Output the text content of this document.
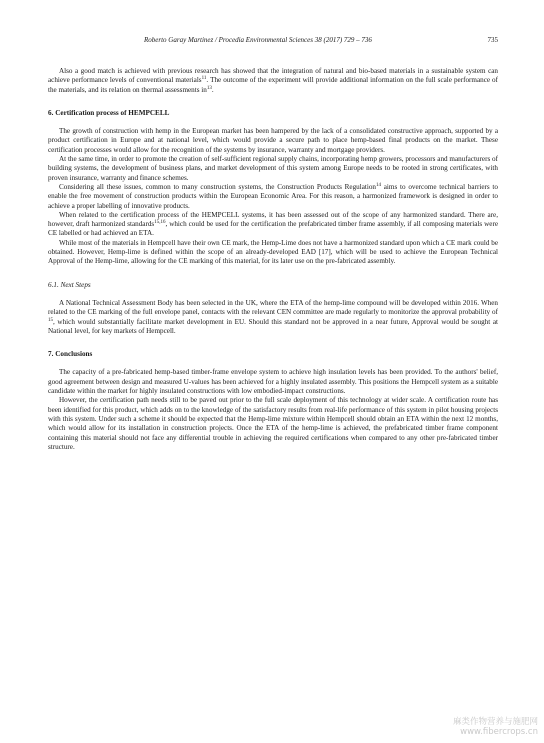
Roberto Garay Martinez / Procedia Environmental Sciences 38 (2017) 729 – 736	735

Also a good match is achieved with previous research has showed that the integration of natural and bio-based materials in a sustainable system can achieve performance levels of conventional materials$^{11}$. The outcome of the experiment will provide additional information on the full scale performance of the materials, and its relation on thermal assessments $in^{13}$.

6. Certification process of HEMPCELL

The growth of construction with hemp in the European market has been hampered by the lack of a consolidated constructive approach, supported by a product certification in Europe and at national level, which would provide a secure path to place hemp-based final products on the market. These certification processes would allow for the recognition of the systems by insurance, warranty and mortgage providers.

At the same time, in order to promote the creation of self-sufficient regional supply chains, incorporating hemp growers, processors and manufacturers of building systems, the development of business plans, and market development of this system among Europe needs to be rooted in strong certificates, with proven insurance, warranty and finance schemes.

Considering all these issues, common to many construction systems, the Construction Products Regulation$^{14}$ aims to overcome technical barriers to enable the free movement of construction products within the European Economic Area. For this reason, a harmonized framework is designed in order to achieve a proper labelling of innovative products.

When related to the certification process of the HEMPCELL systems, it has been assessed out of the scope of any harmonized standard. There are, however, draft harmonized standards$^{15,16}$, which could be used for the certification the prefabricated timber frame assembly, if all composing materials were CE labelled or had achieved an ETA.

While most of the materials in Hempcell have their own CE mark, the Hemp-Lime does not have a harmonized standard upon which a CE mark could be obtained. However, Hemp-lime is defined within the scope of an already-developed EAD [17], which will be used to achieve the European Technical Approval of the Hemp-lime, allowing for the CE marking of this material, for its later use on the pre-fabricated assembly.

6.1. Next Steps

A National Technical Assessment Body has been selected in the UK, where the ETA of the hemp-lime compound will be developed within 2016. When related to the CE marking of the full envelope panel, contacts with the relevant CEN committee are made regularly to monitorize the approval probability of $^{15}$, which would substantially facilitate market development in EU. Should this standard not be approved in a near future, Approval would be sought at National level, for key markets of Hempcell.

7. Conclusions

The capacity of a pre-fabricated hemp-based timber-frame envelope system to achieve high insulation levels has been provided. To the authors' belief, good agreement between design and measured U-values has been achieved for a highly insulated assembly. This positions the Hempcell system as a suitable candidate within the market for highly insulated constructions with low embodied-impact constructions.

However, the certification path needs still to be paved out prior to the full scale deployment of this technology at wider scale. A certification route has been identified for this product, which adds on to the knowledge of the satisfactory results from real-life performance of this system in pilot housing projects with this system. Under such a scheme it should be expected that the Hemp-lime mixture within Hempcell should obtain an ETA within the next 12 months, which would allow for its installation in construction projects. Once the ETA of the hemp-lime is achieved, the prefabricated timber frame component containing this material should not face any differential trouble in achieving the required certifications when compared to any other pre-fabricated timber structure.

麻类作物营养与施肥网
www.fibercrops.cn
